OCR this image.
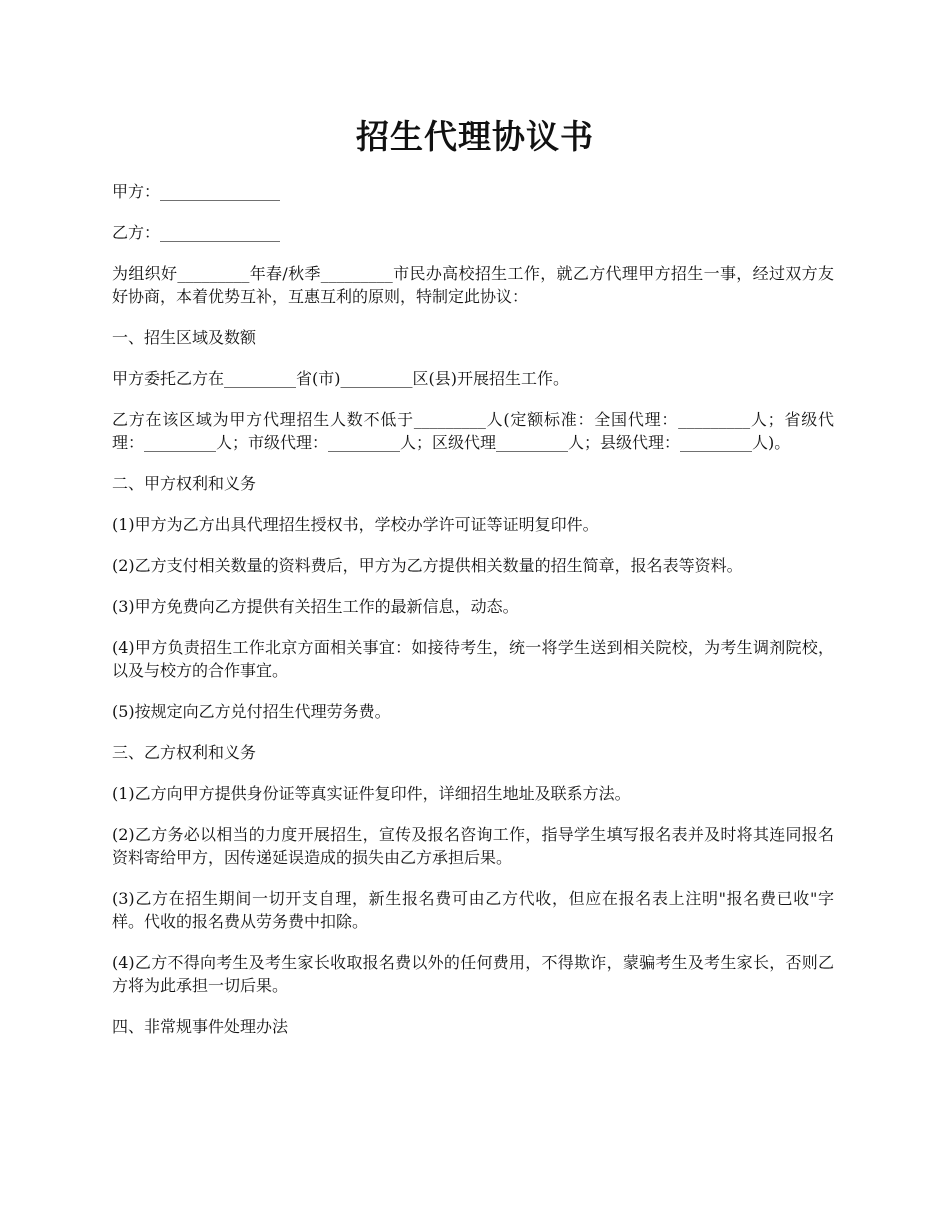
招生代理协议书

甲方：_______________

乙方：_______________

为组织好_________年春/秋季_________市民办高校招生工作，就乙方代理甲方招生一事，经过双方友好协商，本着优势互补，互惠互利的原则，特制定此协议：

一、招生区域及数额

甲方委托乙方在_________省(市)_________区(县)开展招生工作。

乙方在该区域为甲方代理招生人数不低于_________人(定额标准：全国代理：_________人；省级代理：_________人；市级代理：_________人；区级代理_________人；县级代理：_________人)。

二、甲方权利和义务

(1)甲方为乙方出具代理招生授权书，学校办学许可证等证明复印件。

(2)乙方支付相关数量的资料费后，甲方为乙方提供相关数量的招生简章，报名表等资料。

(3)甲方免费向乙方提供有关招生工作的最新信息，动态。

(4)甲方负责招生工作北京方面相关事宜：如接待考生，统一将学生送到相关院校，为考生调剂院校，以及与校方的合作事宜。

(5)按规定向乙方兑付招生代理劳务费。

三、乙方权利和义务

(1)乙方向甲方提供身份证等真实证件复印件，详细招生地址及联系方法。

(2)乙方务必以相当的力度开展招生，宣传及报名咨询工作，指导学生填写报名表并及时将其连同报名资料寄给甲方，因传递延误造成的损失由乙方承担后果。

(3)乙方在招生期间一切开支自理，新生报名费可由乙方代收，但应在报名表上注明"报名费已收"字样。代收的报名费从劳务费中扣除。

(4)乙方不得向考生及考生家长收取报名费以外的任何费用，不得欺诈，蒙骗考生及考生家长，否则乙方将为此承担一切后果。

四、非常规事件处理办法
